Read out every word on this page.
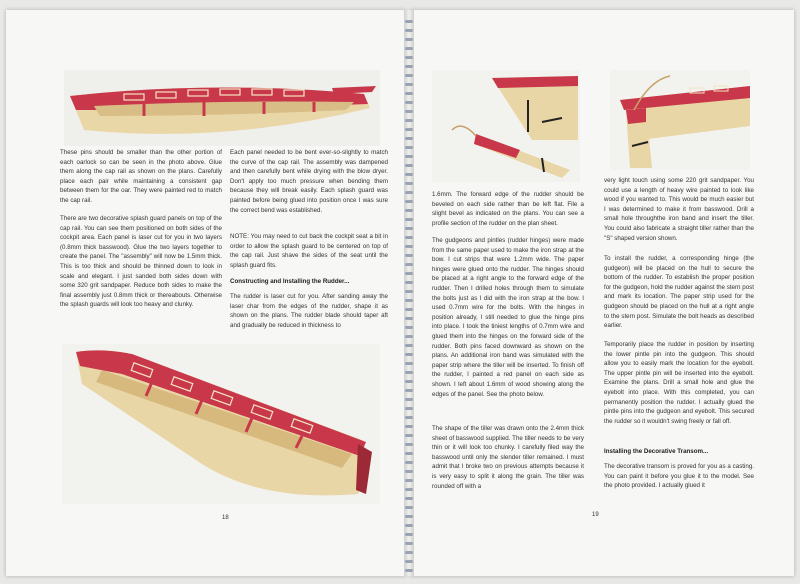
These pins should be smaller than the other portion of each oarlock so can be seen in the photo above. Glue them along the cap rail as shown on the plans. Carefully place each pair while maintaining a consistent gap between them for the oar. They were painted red to match the cap rail.

There are two decorative splash guard panels on top of the cap rail. You can see them positioned on both sides of the cockpit area. Each panel is laser cut for you in two layers (0.8mm thick basswood). Glue the two layers together to create the panel. The "assembly" will now be 1.5mm thick. This is too thick and should be thinned down to look in scale and elegant. I just sanded both sides down with some 320 grit sandpaper. Reduce both sides to make the final assembly just 0.8mm thick or thereabouts. Otherwise the splash guards will look too heavy and clunky.

Each panel needed to be bent ever-so-slightly to match the curve of the cap rail. The assembly was dampened and then carefully bent while drying with the blow dryer. Don't apply too much pressure when bending them because they will break easily. Each splash guard was painted before being glued into position once I was sure the correct bend was established.

NOTE: You may need to cut back the cockpit seat a bit in order to allow the splash guard to be centered on top of the cap rail. Just shave the sides of the seat until the splash guard fits.

Constructing and Installing the Rudder...

The rudder is laser cut for you. After sanding away the laser char from the edges of the rudder, shape it as shown on the plans. The rudder blade should taper aft and gradually be reduced in thickness to

18

1.6mm. The forward edge of the rudder should be beveled on each side rather than be left flat. File a slight bevel as indicated on the plans. You can see a profile section of the rudder on the plan sheet.

The gudgeons and pintles (rudder hinges) were made from the same paper used to make the iron strap at the bow. I cut strips that were 1.2mm wide. The paper hinges were glued onto the rudder. The hinges should be placed at a right angle to the forward edge of the rudder. Then I drilled holes through them to simulate the bolts just as I did with the iron strap at the bow. I used 0.7mm wire for the bolts. With the hinges in position already, I still needed to glue the hinge pins into place. I took the tiniest lengths of 0.7mm wire and glued them into the hinges on the forward side of the rudder. Both pins faced downward as shown on the plans. An additional iron band was simulated with the paper strip where the tiller will be inserted. To finish off the rudder, I painted a red panel on each side as shown. I left about 1.6mm of wood showing along the edges of the panel. See the photo below.

The shape of the tiller was drawn onto the 2.4mm thick sheet of basswood supplied. The tiller needs to be very thin or it will look too chunky. I carefully filed way the basswood until only the slender tiller remained. I must admit that I broke two on previous attempts because it is very easy to split it along the grain. The tiller was rounded off with a

very light touch using some 220 grit sandpaper. You could use a length of heavy wire painted to look like wood if you wanted to. This would be much easier but I was determined to make it from basswood. Drill a small hole throughthe iron band and insert the tiller. You could also fabricate a straight tiller rather than the "S" shaped version shown.

To install the rudder, a corresponding hinge (the gudgeon) will be placed on the hull to secure the bottom of the rudder. To establish the proper position for the gudgeon, hold the rudder against the stern post and mark its location. The paper strip used for the gudgeon should be placed on the hull at a right angle to the stern post. Simulate the bolt heads as described earlier.

Temporarily place the rudder in position by inserting the lower pintle pin into the gudgeon. This should allow you to easily mark the location for the eyebolt. The upper pintle pin will be inserted into the eyebolt. Examine the plans. Drill a small hole and glue the eyebolt into place. With this completed, you can permanently position the rudder. I actually glued the pintle pins into the gudgeon and eyebolt. This secured the rudder so it wouldn't swing freely or fall off.

Installing the Decorative Transom...

The decorative transom is proved for you as a casting. You can paint it before you glue it to the model. See the photo provided. I actually glued it

19
